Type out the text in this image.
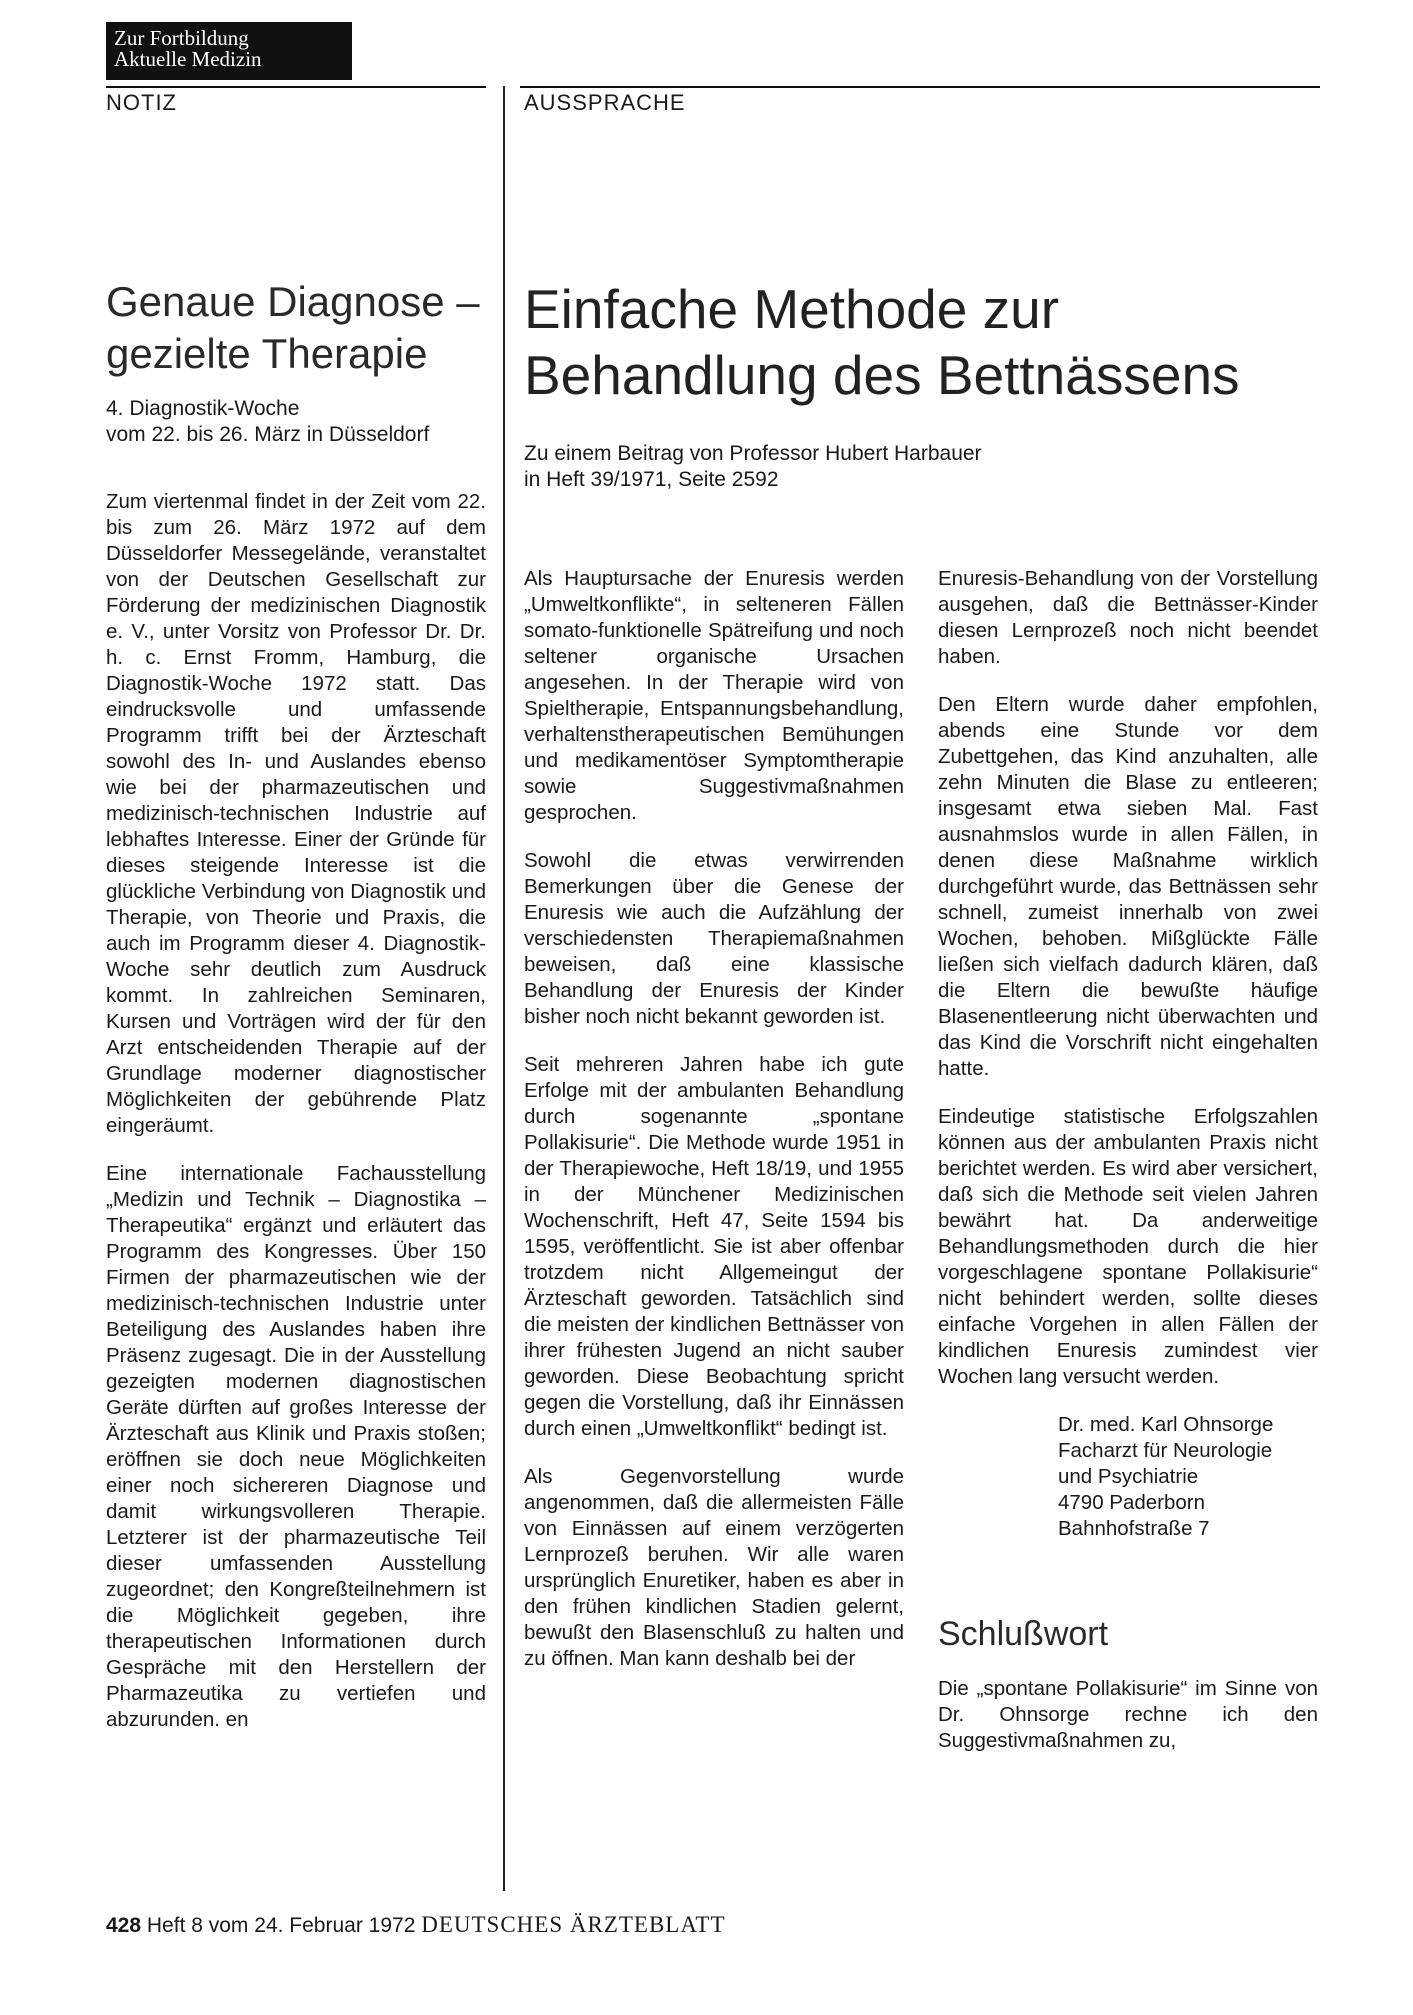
Zur Fortbildung
Aktuelle Medizin
NOTIZ	AUSSPRACHE
Genaue Diagnose – gezielte Therapie
4. Diagnostik-Woche
vom 22. bis 26. März in Düsseldorf

Zum viertenmal findet in der Zeit vom 22. bis zum 26. März 1972 auf dem Düsseldorfer Messegelände, veranstaltet von der Deutschen Gesellschaft zur Förderung der medizinischen Diagnostik e. V., unter Vorsitz von Professor Dr. Dr. h. c. Ernst Fromm, Hamburg, die Diagnostik-Woche 1972 statt. Das eindrucksvolle und umfassende Programm trifft bei der Ärzteschaft sowohl des In- und Auslandes ebenso wie bei der pharmazeutischen und medizinisch-technischen Industrie auf lebhaftes Interesse. Einer der Gründe für dieses steigende Interesse ist die glückliche Verbindung von Diagnostik und Therapie, von Theorie und Praxis, die auch im Programm dieser 4. Diagnostik-Woche sehr deutlich zum Ausdruck kommt. In zahlreichen Seminaren, Kursen und Vorträgen wird der für den Arzt entscheidenden Therapie auf der Grundlage moderner diagnostischer Möglichkeiten der gebührende Platz eingeräumt.

Eine internationale Fachausstellung „Medizin und Technik – Diagnostika – Therapeutika“ ergänzt und erläutert das Programm des Kongresses. Über 150 Firmen der pharmazeutischen wie der medizinisch-technischen Industrie unter Beteiligung des Auslandes haben ihre Präsenz zugesagt. Die in der Ausstellung gezeigten modernen diagnostischen Geräte dürften auf großes Interesse der Ärzteschaft aus Klinik und Praxis stoßen; eröffnen sie doch neue Möglichkeiten einer noch sichereren Diagnose und damit wirkungsvolleren Therapie. Letzterer ist der pharmazeutische Teil dieser umfassenden Ausstellung zugeordnet; den Kongreßteilnehmern ist die Möglichkeit gegeben, ihre therapeutischen Informationen durch Gespräche mit den Herstellern der Pharmazeutika zu vertiefen und abzurunden. en

Einfache Methode zur Behandlung des Bettnässens
Zu einem Beitrag von Professor Hubert Harbauer
in Heft 39/1971, Seite 2592

Als Hauptursache der Enuresis werden „Umweltkonflikte“, in selteneren Fällen somato-funktionelle Spätreifung und noch seltener organische Ursachen angesehen. In der Therapie wird von Spieltherapie, Entspannungsbehandlung, verhaltenstherapeutischen Bemühungen und medikamentöser Symptomtherapie sowie Suggestivmaßnahmen gesprochen.

Sowohl die etwas verwirrenden Bemerkungen über die Genese der Enuresis wie auch die Aufzählung der verschiedensten Therapiemaßnahmen beweisen, daß eine klassische Behandlung der Enuresis der Kinder bisher noch nicht bekannt geworden ist.

Seit mehreren Jahren habe ich gute Erfolge mit der ambulanten Behandlung durch sogenannte „spontane Pollakisurie“. Die Methode wurde 1951 in der Therapiewoche, Heft 18/19, und 1955 in der Münchener Medizinischen Wochenschrift, Heft 47, Seite 1594 bis 1595, veröffentlicht. Sie ist aber offenbar trotzdem nicht Allgemeingut der Ärzteschaft geworden. Tatsächlich sind die meisten der kindlichen Bettnässer von ihrer frühesten Jugend an nicht sauber geworden. Diese Beobachtung spricht gegen die Vorstellung, daß ihr Einnässen durch einen „Umweltkonflikt“ bedingt ist.

Als Gegenvorstellung wurde angenommen, daß die allermeisten Fälle von Einnässen auf einem verzögerten Lernprozeß beruhen. Wir alle waren ursprünglich Enuretiker, haben es aber in den frühen kindlichen Stadien gelernt, bewußt den Blasenschluß zu halten und zu öffnen. Man kann deshalb bei der

Enuresis-Behandlung von der Vorstellung ausgehen, daß die Bettnässer-Kinder diesen Lernprozeß noch nicht beendet haben.

Den Eltern wurde daher empfohlen, abends eine Stunde vor dem Zubettgehen, das Kind anzuhalten, alle zehn Minuten die Blase zu entleeren; insgesamt etwa sieben Mal. Fast ausnahmslos wurde in allen Fällen, in denen diese Maßnahme wirklich durchgeführt wurde, das Bettnässen sehr schnell, zumeist innerhalb von zwei Wochen, behoben. Mißglückte Fälle ließen sich vielfach dadurch klären, daß die Eltern die bewußte häufige Blasenentleerung nicht überwachten und das Kind die Vorschrift nicht eingehalten hatte.

Eindeutige statistische Erfolgszahlen können aus der ambulanten Praxis nicht berichtet werden. Es wird aber versichert, daß sich die Methode seit vielen Jahren bewährt hat. Da anderweitige Behandlungsmethoden durch die hier vorgeschlagene spontane Pollakisurie“ nicht behindert werden, sollte dieses einfache Vorgehen in allen Fällen der kindlichen Enuresis zumindest vier Wochen lang versucht werden.

Dr. med. Karl Ohnsorge
Facharzt für Neurologie
und Psychiatrie
4790 Paderborn
Bahnhofstraße 7
Schlußwort

Die „spontane Pollakisurie“ im Sinne von Dr. Ohnsorge rechne ich den Suggestivmaßnahmen zu,

428 Heft 8 vom 24. Februar 1972 DEUTSCHES ÄRZTEBLATT
